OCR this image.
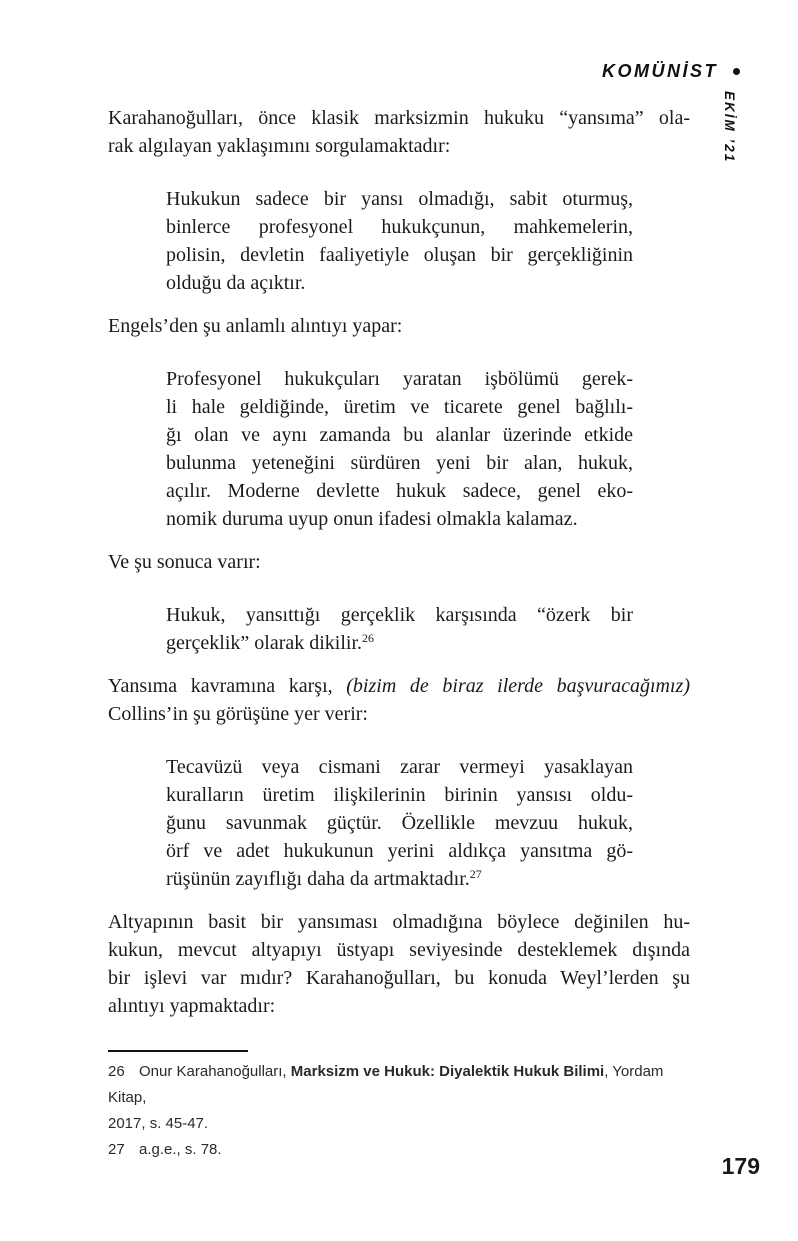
KOMÜNİST
EKİM ’21
Karahanoğulları, önce klasik marksizmin hukuku “yansıma” ola-
rak algılayan yaklaşımını sorgulamaktadır:
Hukukun sadece bir yansı olmadığı, sabit oturmuş,
binlerce profesyonel hukukçunun, mahkemelerin,
polisin, devletin faaliyetiyle oluşan bir gerçekliğinin
olduğu da açıktır.
Engels’den şu anlamlı alıntıyı yapar:
Profesyonel hukukçuları yaratan işbölümü gerek-
li hale geldiğinde, üretim ve ticarete genel bağlılı-
ğı olan ve aynı zamanda bu alanlar üzerinde etkide
bulunma yeteneğini sürdüren yeni bir alan, hukuk,
açılır. Moderne devlette hukuk sadece, genel eko-
nomik duruma uyup onun ifadesi olmakla kalamaz.
Ve şu sonuca varır:
Hukuk, yansıttığı gerçeklik karşısında “özerk bir
gerçeklik” olarak dikilir.$^{26}$
Yansıma kavramına karşı, (bizim de biraz ilerde başvuracağımız)
Collins’in şu görüşüne yer verir:
Tecavüzü veya cismani zarar vermeyi yasaklayan
kuralların üretim ilişkilerinin birinin yansısı oldu-
ğunu savunmak güçtür. Özellikle mevzuu hukuk,
örf ve adet hukukunun yerini aldıkça yansıtma gö-
rüşünün zayıflığı daha da artmaktadır.$^{27}$
Altyapının basit bir yansıması olmadığına böylece değinilen hu-
kukun, mevcut altyapıyı üstyapı seviyesinde desteklemek dışında
bir işlevi var mıdır? Karahanoğulları, bu konuda Weyl’lerden şu
alıntıyı yapmaktadır:
26 Onur Karahanoğulları, Marksizm ve Hukuk: Diyalektik Hukuk Bilimi, Yordam Kitap,
2017, s. 45-47.
27 a.g.e., s. 78.
179
